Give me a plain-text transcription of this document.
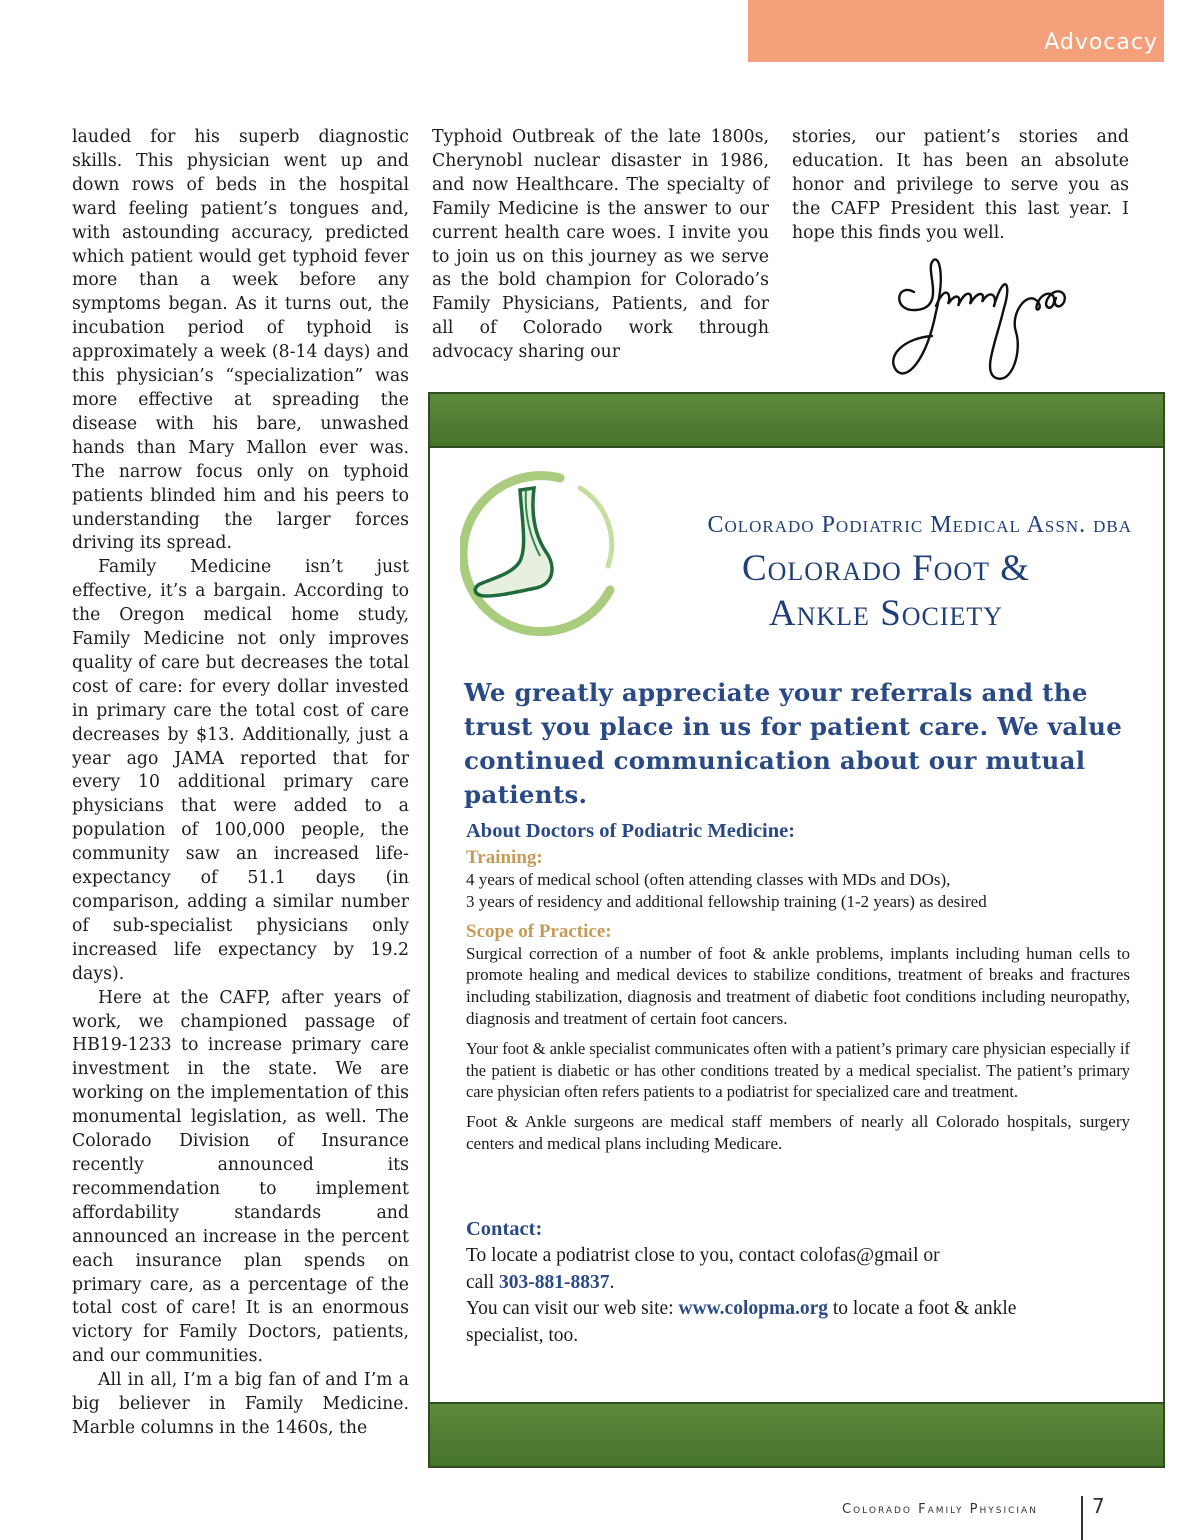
Advocacy

lauded for his superb diagnostic skills. This physician went up and down rows of beds in the hospital ward feeling patient’s tongues and, with astounding accuracy, predicted which patient would get typhoid fever more than a week before any symptoms began. As it turns out, the incubation period of typhoid is approximately a week (8-14 days) and this physician’s “specialization” was more effective at spreading the disease with his bare, unwashed hands than Mary Mallon ever was. The narrow focus only on typhoid patients blinded him and his peers to understanding the larger forces driving its spread.

Family Medicine isn’t just effective, it’s a bargain. According to the Oregon medical home study, Family Medicine not only improves quality of care but decreases the total cost of care: for every dollar invested in primary care the total cost of care decreases by $13. Additionally, just a year ago JAMA reported that for every 10 additional primary care physicians that were added to a population of 100,000 people, the community saw an increased life-expectancy of 51.1 days (in comparison, adding a similar number of sub-specialist physicians only increased life expectancy by 19.2 days).

Here at the CAFP, after years of work, we championed passage of HB19-1233 to increase primary care investment in the state. We are working on the implementation of this monumental legislation, as well. The Colorado Division of Insurance recently announced its recommendation to implement affordability standards and announced an increase in the percent each insurance plan spends on primary care, as a percentage of the total cost of care! It is an enormous victory for Family Doctors, patients, and our communities.

All in all, I’m a big fan of and I’m a big believer in Family Medicine. Marble columns in the 1460s, the

Typhoid Outbreak of the late 1800s, Cherynobl nuclear disaster in 1986, and now Healthcare. The specialty of Family Medicine is the answer to our current health care woes. I invite you to join us on this journey as we serve as the bold champion for Colorado’s Family Physicians, Patients, and for all of Colorado work through advocacy sharing our

stories, our patient’s stories and education. It has been an absolute honor and privilege to serve you as the CAFP President this last year. I hope this finds you well.

Colorado Podiatric Medical Assn. dba
Colorado Foot &
Ankle Society
We greatly appreciate your referrals and the trust you place in us for patient care. We value continued communication about our mutual patients.
About Doctors of Podiatric Medicine:
Training:
4 years of medical school (often attending classes with MDs and DOs),
3 years of residency and additional fellowship training (1-2 years) as desired
Scope of Practice:
Surgical correction of a number of foot & ankle problems, implants including human cells to promote healing and medical devices to stabilize conditions, treatment of breaks and fractures including stabilization, diagnosis and treatment of diabetic foot conditions including neuropathy, diagnosis and treatment of certain foot cancers.
Your foot & ankle specialist communicates often with a patient’s primary care physician especially if the patient is diabetic or has other conditions treated by a medical specialist. The patient’s primary care physician often refers patients to a podiatrist for specialized care and treatment.
Foot & Ankle surgeons are medical staff members of nearly all Colorado hospitals, surgery centers and medical plans including Medicare.
Contact:
To locate a podiatrist close to you, contact colofas@gmail or
call 303-881-8837.
You can visit our web site: www.colopma.org to locate a foot & ankle
specialist, too.
Colorado Family Physician	7
